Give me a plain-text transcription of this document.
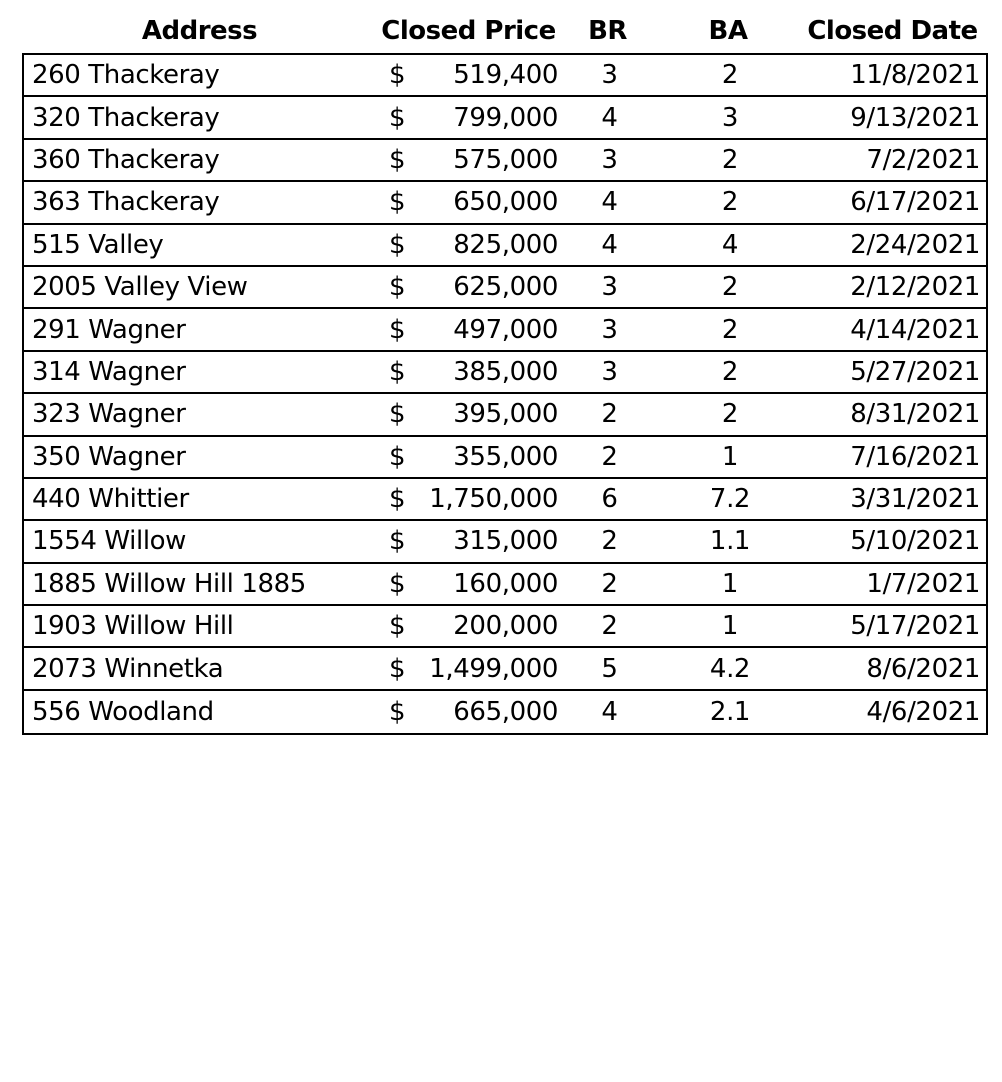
Address	Closed Price	BR	BA	Closed Date
260 Thackeray	$ 519,400	3	2	11/8/2021
320 Thackeray	$ 799,000	4	3	9/13/2021
360 Thackeray	$ 575,000	3	2	7/2/2021
363 Thackeray	$ 650,000	4	2	6/17/2021
515 Valley	$ 825,000	4	4	2/24/2021
2005 Valley View	$ 625,000	3	2	2/12/2021
291 Wagner	$ 497,000	3	2	4/14/2021
314 Wagner	$ 385,000	3	2	5/27/2021
323 Wagner	$ 395,000	2	2	8/31/2021
350 Wagner	$ 355,000	2	1	7/16/2021
440 Whittier	$ 1,750,000	6	7.2	3/31/2021
1554 Willow	$ 315,000	2	1.1	5/10/2021
1885 Willow Hill 1885	$ 160,000	2	1	1/7/2021
1903 Willow Hill	$ 200,000	2	1	5/17/2021
2073 Winnetka	$ 1,499,000	5	4.2	8/6/2021
556 Woodland	$ 665,000	4	2.1	4/6/2021
